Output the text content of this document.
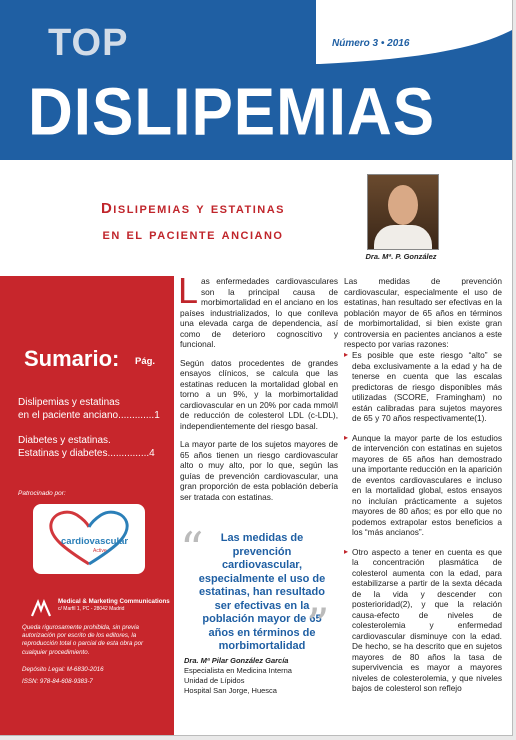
TOP
DISLIPEMIAS
Número 3 • 2016
Dislipemias y estatinas
en el paciente anciano
Dra. Mª. P. González
Sumario: Pág.
Dislipemias y estatinas
en el paciente anciano.............1
Diabetes y estatinas.
Estatinas y diabetes...............4
Patrocinado por:
cardiovascular
Active
Medical & Marketing Communications
c/ Marfil 1, PC - 28042 Madrid
Queda rigurosamente prohibida, sin previa autorización por escrito de los editores, la reproducción total o parcial de esta obra por cualquier procedimiento.
Depósito Legal: M-6830-2016
ISSN: 978-84-608-9383-7
Las enfermedades cardiovasculares son la principal causa de morbimortalidad en el anciano en los países industrializados, lo que conlleva una elevada carga de dependencia, así como de deterioro cognoscitivo y funcional.
Según datos procedentes de grandes ensayos clínicos, se calcula que las estatinas reducen la mortalidad global en torno a un 9%, y la morbimortalidad cardiovascular en un 20% por cada mmol/l de reducción de colesterol LDL (c-LDL), independientemente del riesgo basal.
La mayor parte de los sujetos mayores de 65 años tienen un riesgo cardiovascular alto o muy alto, por lo que, según las guías de prevención cardiovascular, una gran proporción de esta población debería ser tratada con estatinas.
“	Las medidas de prevención cardiovascular, especialmente el uso de estatinas, han resultado ser efectivas en la población mayor de 65 años en términos de morbimortalidad ”
Dra. Mª Pilar González García
Especialista en Medicina Interna
Unidad de Lípidos
Hospital San Jorge, Huesca
Las medidas de prevención cardiovascular, especialmente el uso de estatinas, han resultado ser efectivas en la población mayor de 65 años en términos de morbimortalidad, si bien existe gran controversia en pacientes ancianos a este respecto por varias razones:
▸ Es posible que este riesgo “alto” se deba exclusivamente a la edad y ha de tenerse en cuenta que las escalas predictoras de riesgo disponibles más utilizadas (SCORE, Framingham) no están calibradas para sujetos mayores de 65 y 70 años respectivamente(1).
▸ Aunque la mayor parte de los estudios de intervención con estatinas en sujetos mayores de 65 años han demostrado una importante reducción en la aparición de eventos cardiovasculares e incluso en la mortalidad global, estos ensayos no incluían prácticamente a sujetos mayores de 80 años; es por ello que no podemos extrapolar estos beneficios a los “más ancianos”.
▸ Otro aspecto a tener en cuenta es que la concentración plasmática de colesterol aumenta con la edad, para estabilizarse a partir de la sexta década de la vida y descender con posterioridad(2), y que la relación causa-efecto de niveles de colesterolemia y enfermedad cardiovascular disminuye con la edad. De hecho, se ha descrito que en sujetos mayores de 80 años la tasa de supervivencia es mayor a mayores niveles de colesterolemia, y que niveles bajos de colesterol son reflejo
